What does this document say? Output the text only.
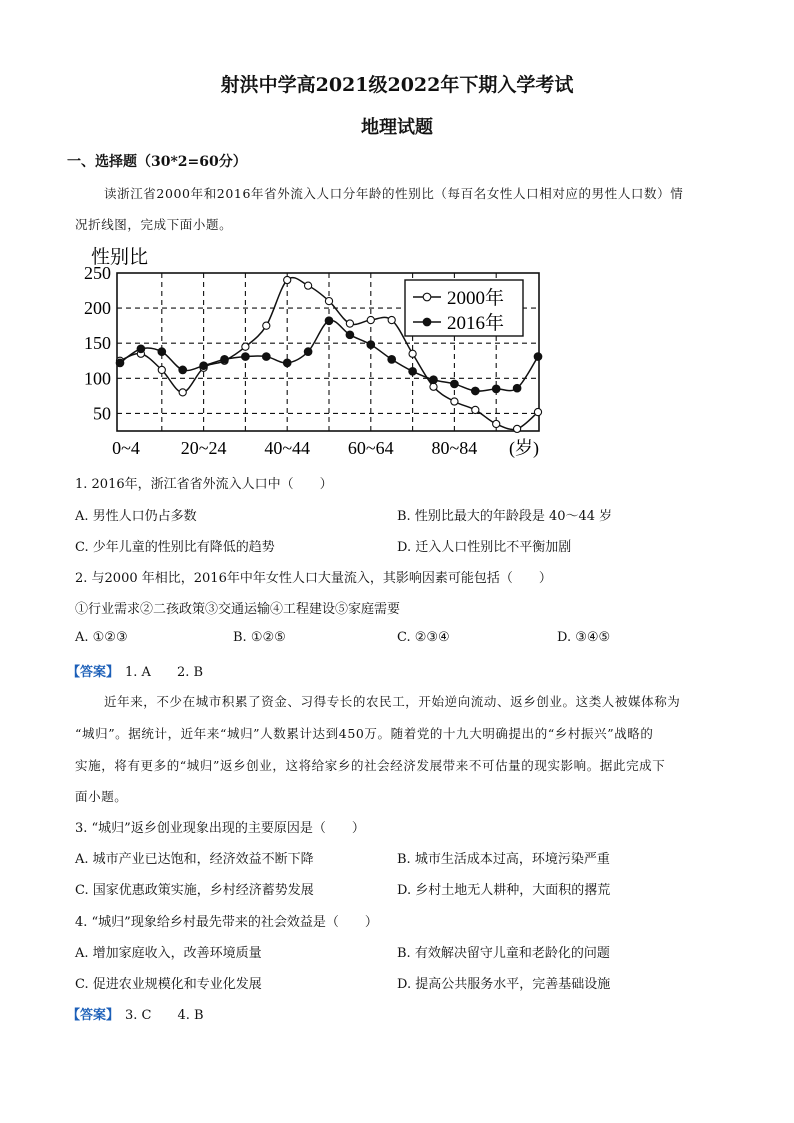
射洪中学高2021级2022年下期入学考试
地理试题
一、选择题（30*2=60分）
读浙江省2000年和2016年省外流入人口分年龄的性别比（每百名女性人口相对应的男性人口数）情
况折线图，完成下面小题。
50
100
150
200
250
0~4 20~24 40~44 60~64 80~84 (岁)
性别比
2000年
2016年
1. 2016年，浙江省省外流入人口中（　　）
A. 男性人口仍占多数	B. 性别比最大的年龄段是 40～44 岁
C. 少年儿童的性别比有降低的趋势	D. 迁入人口性别比不平衡加剧
2. 与2000 年相比，2016年中年女性人口大量流入，其影响因素可能包括（　　）
①行业需求②二孩政策③交通运输④工程建设⑤家庭需要
A. ①②③	B. ①②⑤	C. ②③④	D. ③④⑤
【答案】 1. A 2. B
近年来，不少在城市积累了资金、习得专长的农民工，开始逆向流动、返乡创业。这类人被媒体称为
“城归”。据统计，近年来“城归”人数累计达到450万。随着党的十九大明确提出的“乡村振兴”战略的
实施，将有更多的“城归”返乡创业，这将给家乡的社会经济发展带来不可估量的现实影响。据此完成下
面小题。
3. “城归”返乡创业现象出现的主要原因是（　　）
A. 城市产业已达饱和，经济效益不断下降	B. 城市生活成本过高，环境污染严重
C. 国家优惠政策实施，乡村经济蓄势发展	D. 乡村土地无人耕种，大面积的撂荒
4. “城归”现象给乡村最先带来的社会效益是（　　）
A. 增加家庭收入，改善环境质量	B. 有效解决留守儿童和老龄化的问题
C. 促进农业规模化和专业化发展	D. 提高公共服务水平，完善基础设施
【答案】 3. C 4. B
